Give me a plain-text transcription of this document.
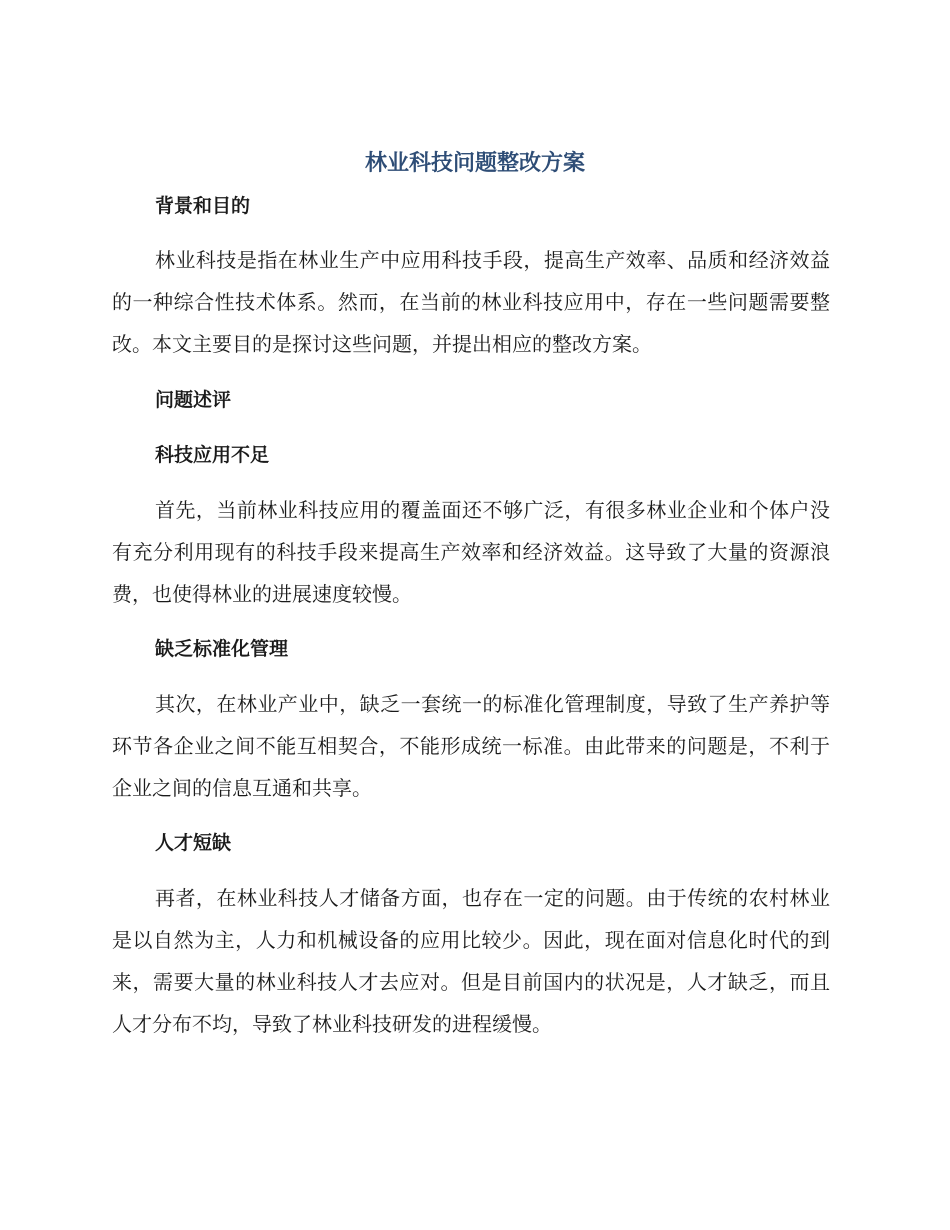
林业科技问题整改方案
背景和目的

林业科技是指在林业生产中应用科技手段，提高生产效率、品质和经济效益的一种综合性技术体系。然而，在当前的林业科技应用中，存在一些问题需要整改。本文主要目的是探讨这些问题，并提出相应的整改方案。

问题述评
科技应用不足

首先，当前林业科技应用的覆盖面还不够广泛，有很多林业企业和个体户没有充分利用现有的科技手段来提高生产效率和经济效益。这导致了大量的资源浪费，也使得林业的进展速度较慢。

缺乏标准化管理

其次，在林业产业中，缺乏一套统一的标准化管理制度，导致了生产养护等环节各企业之间不能互相契合，不能形成统一标准。由此带来的问题是，不利于企业之间的信息互通和共享。

人才短缺

再者，在林业科技人才储备方面，也存在一定的问题。由于传统的农村林业是以自然为主，人力和机械设备的应用比较少。因此，现在面对信息化时代的到来，需要大量的林业科技人才去应对。但是目前国内的状况是，人才缺乏，而且人才分布不均，导致了林业科技研发的进程缓慢。
